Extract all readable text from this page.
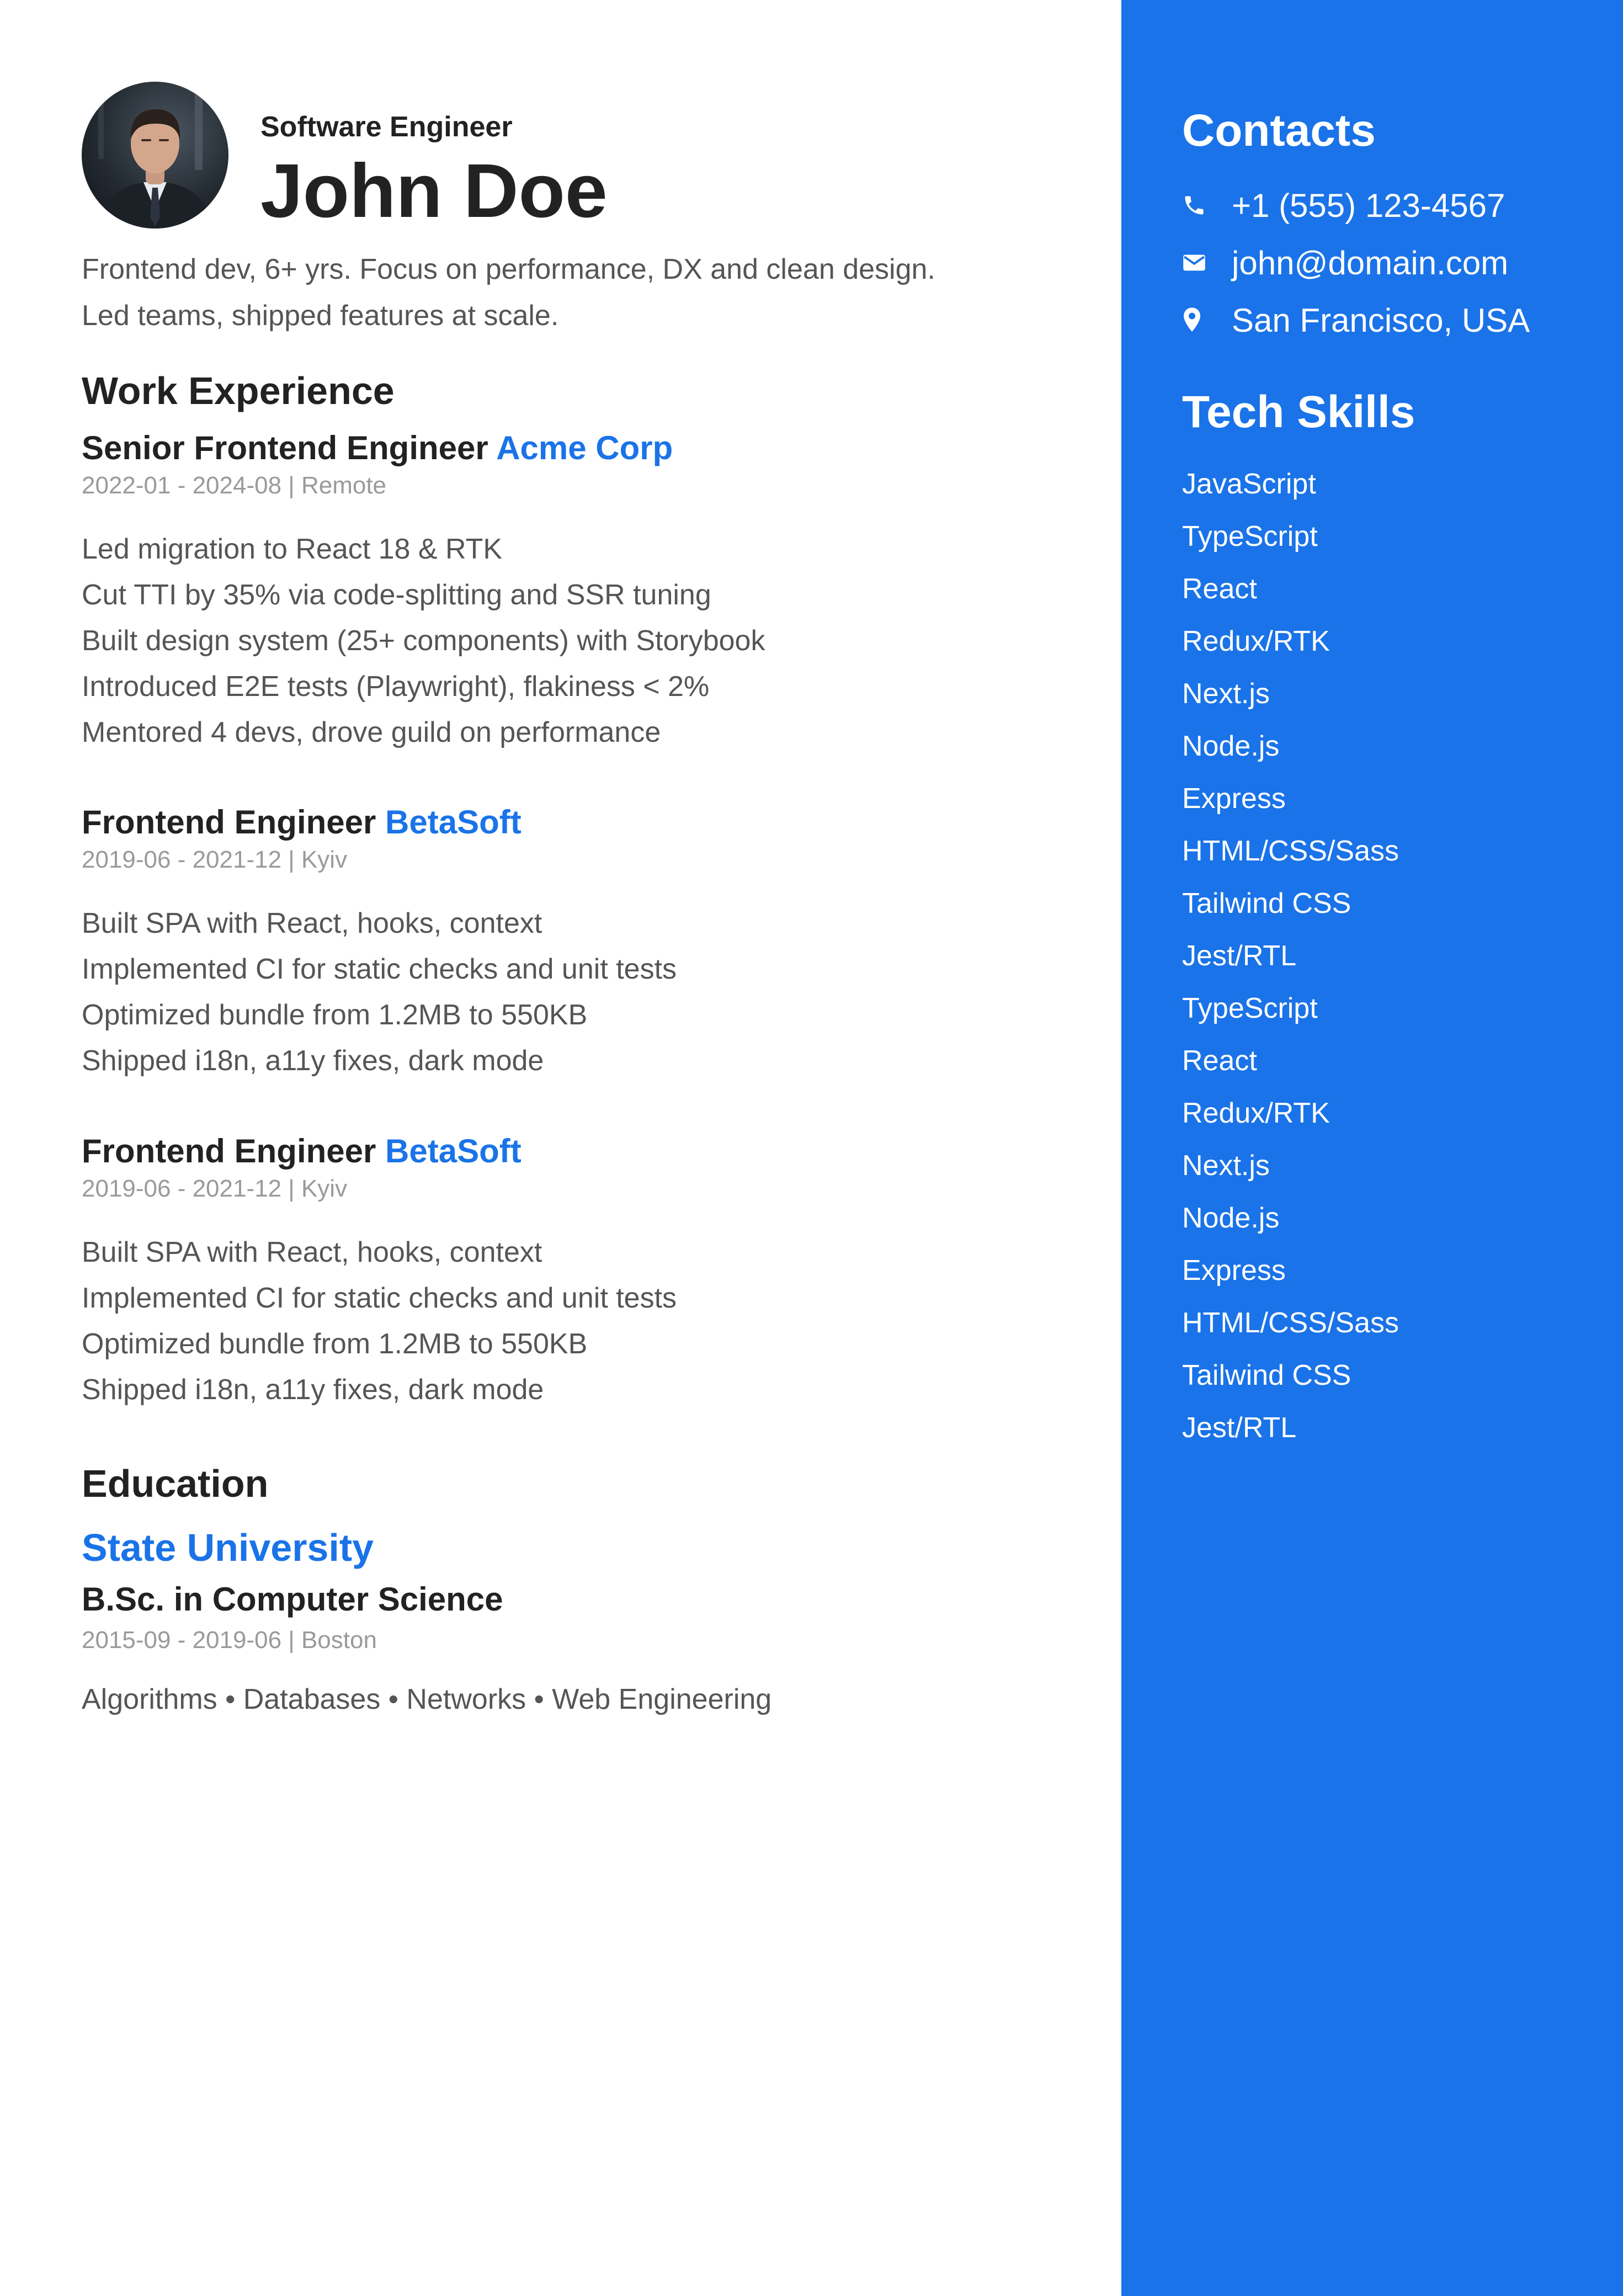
Software Engineer
John Doe
Frontend dev, 6+ yrs. Focus on performance, DX and clean design.
Led teams, shipped features at scale.
Work Experience
Senior Frontend Engineer Acme Corp
2022-01 - 2024-08 | Remote
Led migration to React 18 & RTK
Cut TTI by 35% via code-splitting and SSR tuning
Built design system (25+ components) with Storybook
Introduced E2E tests (Playwright), flakiness < 2%
Mentored 4 devs, drove guild on performance
Frontend Engineer BetaSoft
2019-06 - 2021-12 | Kyiv
Built SPA with React, hooks, context
Implemented CI for static checks and unit tests
Optimized bundle from 1.2MB to 550KB
Shipped i18n, a11y fixes, dark mode
Frontend Engineer BetaSoft
2019-06 - 2021-12 | Kyiv
Built SPA with React, hooks, context
Implemented CI for static checks and unit tests
Optimized bundle from 1.2MB to 550KB
Shipped i18n, a11y fixes, dark mode
Education
State University
B.Sc. in Computer Science
2015-09 - 2019-06 | Boston
Algorithms • Databases • Networks • Web Engineering
Contacts
+1 (555) 123-4567
john@domain.com
San Francisco, USA
Tech Skills
JavaScript
TypeScript
React
Redux/RTK
Next.js
Node.js
Express
HTML/CSS/Sass
Tailwind CSS
Jest/RTL
TypeScript
React
Redux/RTK
Next.js
Node.js
Express
HTML/CSS/Sass
Tailwind CSS
Jest/RTL
